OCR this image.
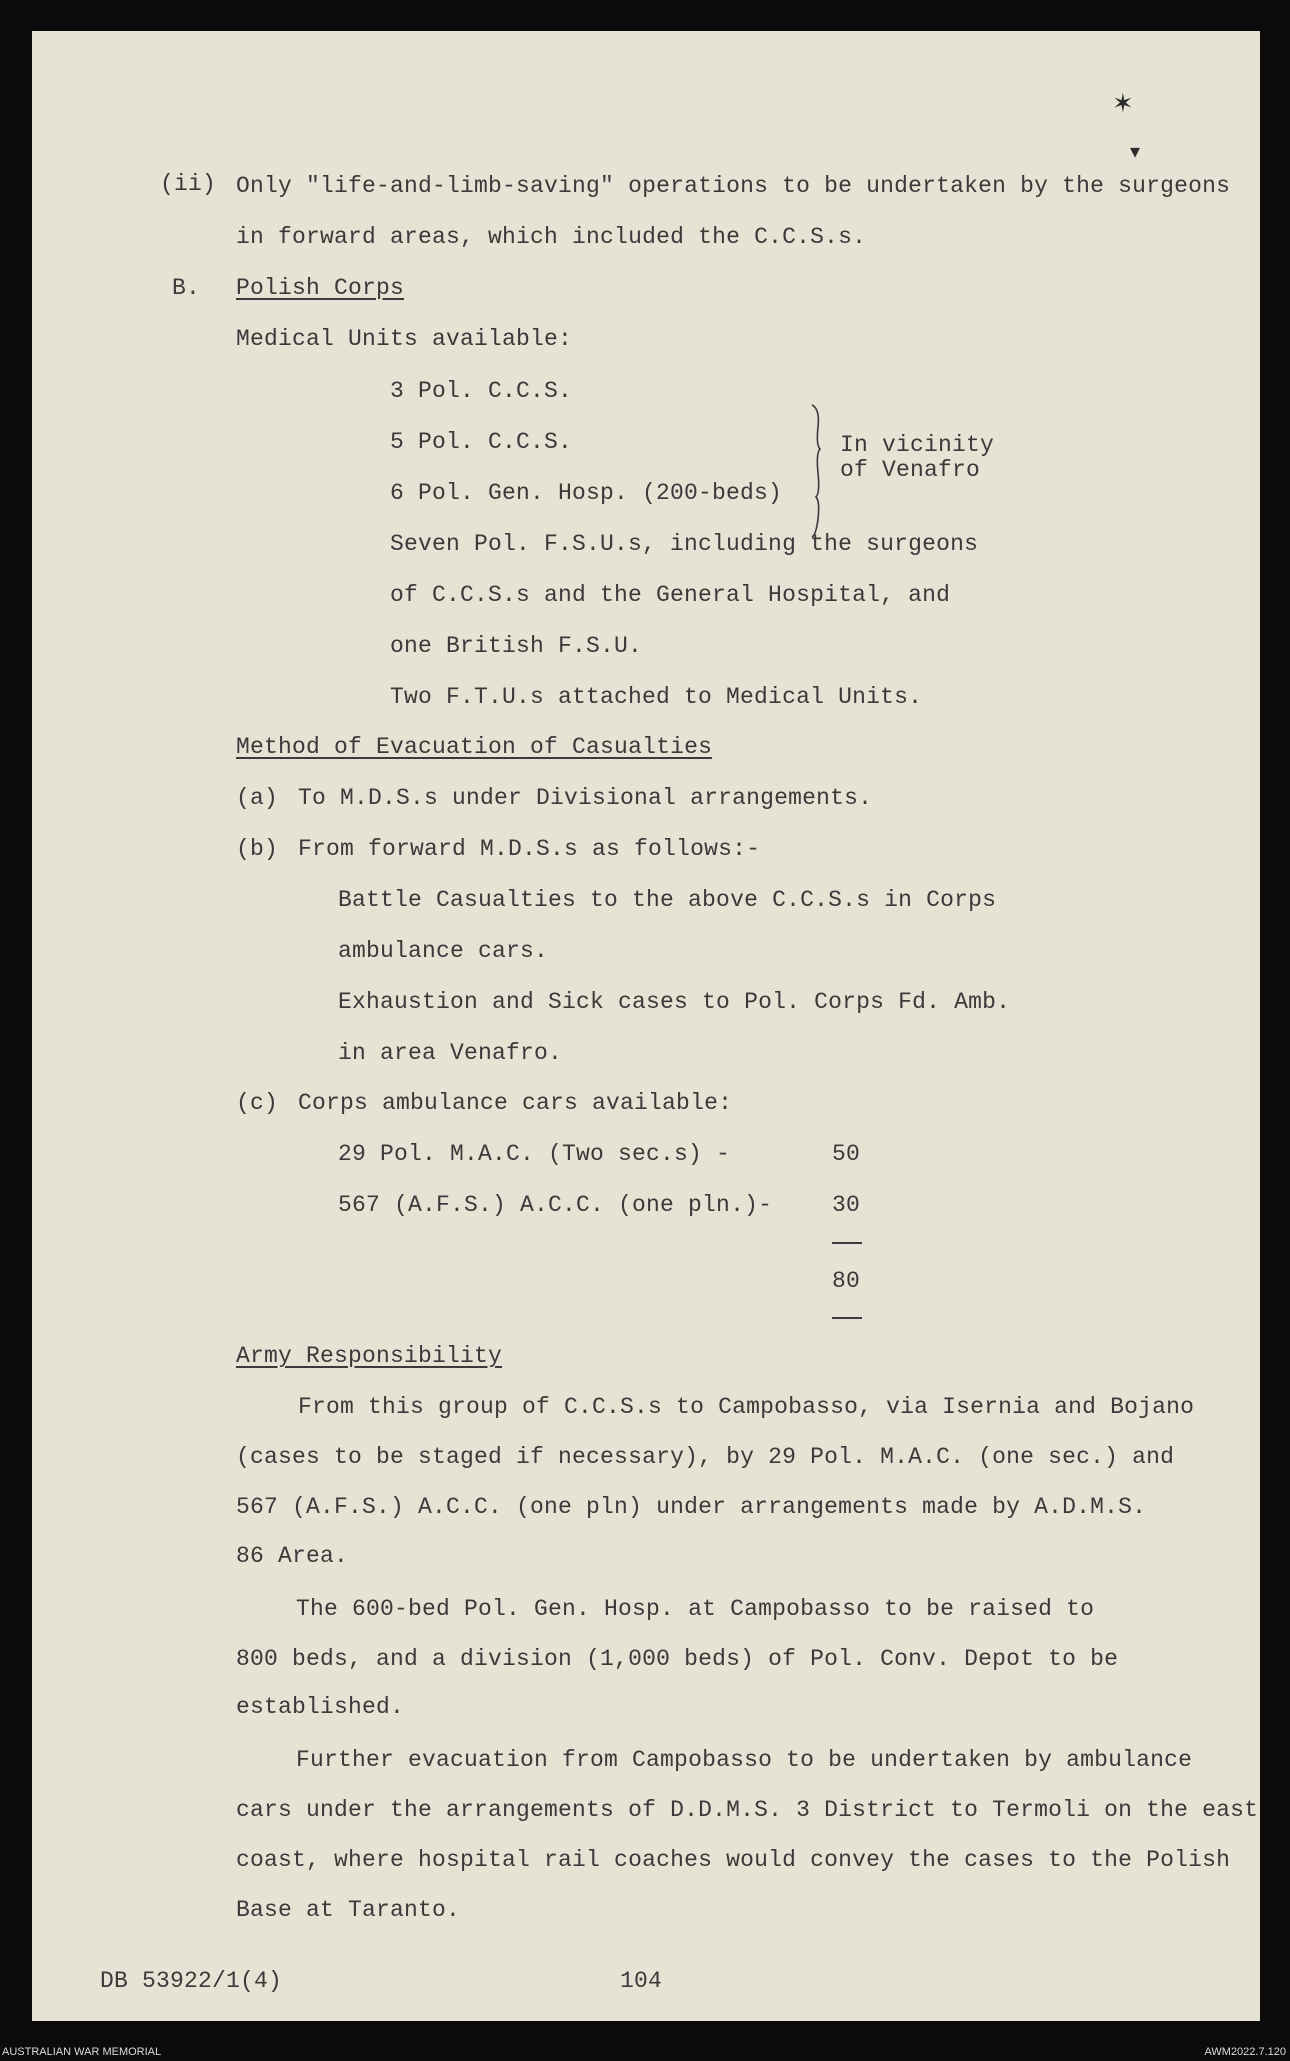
✶
▾
(ii) Only "life-and-limb-saving" operations to be undertaken by the surgeons
in forward areas, which included the C.C.S.s.
B. Polish Corps
Medical Units available:
3 Pol. C.C.S.
5 Pol. C.C.S.
6 Pol. Gen. Hosp. (200-beds)
In vicinity
of Venafro
Seven Pol. F.S.U.s, including the surgeons
of C.C.S.s and the General Hospital, and
one British F.S.U.
Two F.T.U.s attached to Medical Units.
Method of Evacuation of Casualties
(a) To M.D.S.s under Divisional arrangements.
(b) From forward M.D.S.s as follows:-
Battle Casualties to the above C.C.S.s in Corps
ambulance cars.
Exhaustion and Sick cases to Pol. Corps Fd. Amb.
in area Venafro.
(c) Corps ambulance cars available:
29 Pol. M.A.C. (Two sec.s) -	50
567 (A.F.S.) A.C.C. (one pln.)-	30
80
Army Responsibility
From this group of C.C.S.s to Campobasso, via Isernia and Bojano
(cases to be staged if necessary), by 29 Pol. M.A.C. (one sec.) and
567 (A.F.S.) A.C.C. (one pln) under arrangements made by A.D.M.S.
86 Area.
The 600-bed Pol. Gen. Hosp. at Campobasso to be raised to
800 beds, and a division (1,000 beds) of Pol. Conv. Depot to be
established.
Further evacuation from Campobasso to be undertaken by ambulance
cars under the arrangements of D.D.M.S. 3 District to Termoli on the east
coast, where hospital rail coaches would convey the cases to the Polish
Base at Taranto.
DB 53922/1(4)	104
AUSTRALIAN WAR MEMORIAL	AWM2022.7.120
